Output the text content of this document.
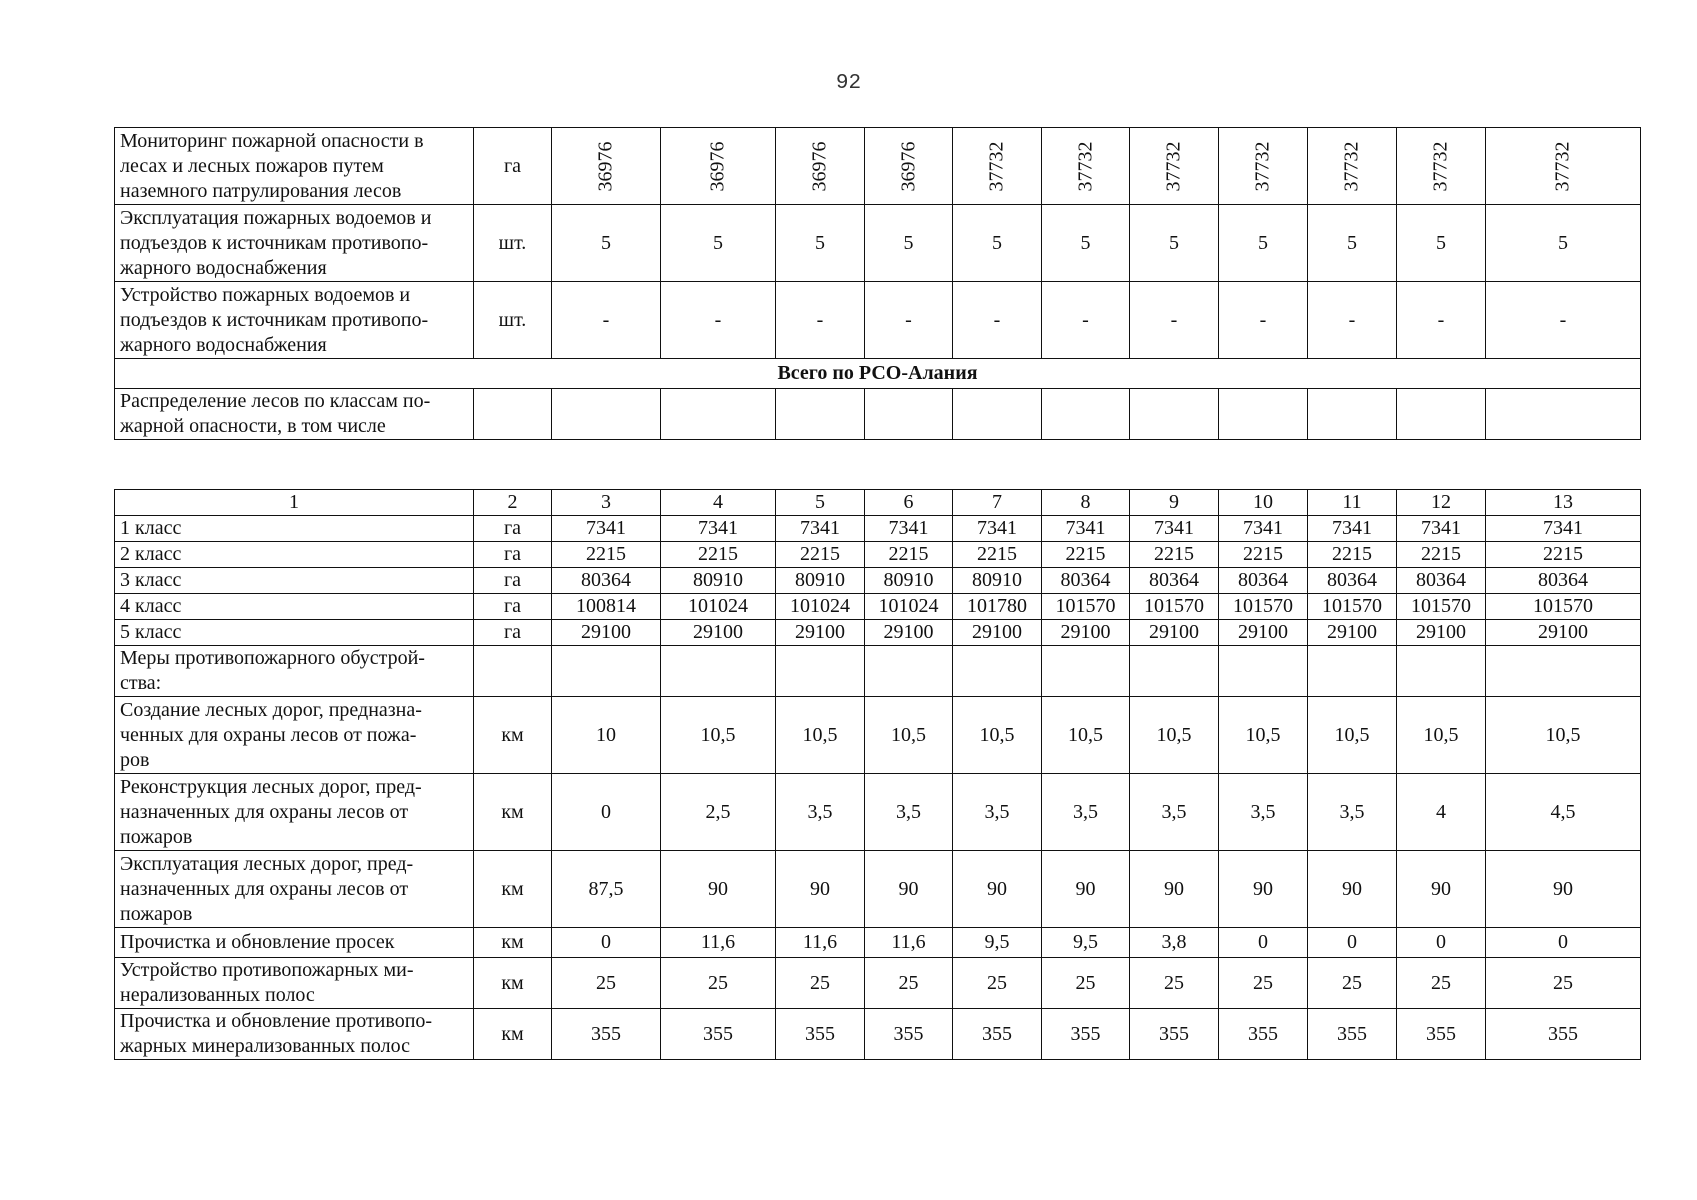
92
Мониторинг пожарной опасности в
лесах и лесных пожаров путем
наземного патрулирования лесов	га	36976	36976	36976	36976	37732	37732	37732	37732	37732	37732	37732

Эксплуатация пожарных водоемов и
подъездов к источникам противопо-
жарного водоснабжения	шт.	5	5	5	5	5	5	5	5	5	5	5

Устройство пожарных водоемов и
подъездов к источникам противопо-
жарного водоснабжения	шт.	-	-	-	-	-	-	-	-	-	-	-
Всего по РСО-Алания												

Распределение лесов по классам по-
жарной опасности, в том числе												

1	2	3	4	5	6	7	8	9	10	11	12	13
1 класс	га	7341	7341	7341	7341	7341	7341	7341	7341	7341	7341	7341
2 класс	га	2215	2215	2215	2215	2215	2215	2215	2215	2215	2215	2215
3 класс	га	80364	80910	80910	80910	80910	80364	80364	80364	80364	80364	80364
4 класс	га	100814	101024	101024	101024	101780	101570	101570	101570	101570	101570	101570
5 класс	га	29100	29100	29100	29100	29100	29100	29100	29100	29100	29100	29100

Меры противопожарного обустрой-
ства:												

Создание лесных дорог, предназна-
ченных для охраны лесов от пожа-
ров	км	10	10,5	10,5	10,5	10,5	10,5	10,5	10,5	10,5	10,5	10,5

Реконструкция лесных дорог, пред-
назначенных для охраны лесов от
пожаров	км	0	2,5	3,5	3,5	3,5	3,5	3,5	3,5	3,5	4	4,5

Эксплуатация лесных дорог, пред-
назначенных для охраны лесов от
пожаров	км	87,5	90	90	90	90	90	90	90	90	90	90

Прочистка и обновление просек	км	0	11,6	11,6	11,6	9,5	9,5	3,8	0	0	0	0

Устройство противопожарных ми-
нерализованных полос	км	25	25	25	25	25	25	25	25	25	25	25

Прочистка и обновление противопо-
жарных минерализованных полос	км	355	355	355	355	355	355	355	355	355	355	355
